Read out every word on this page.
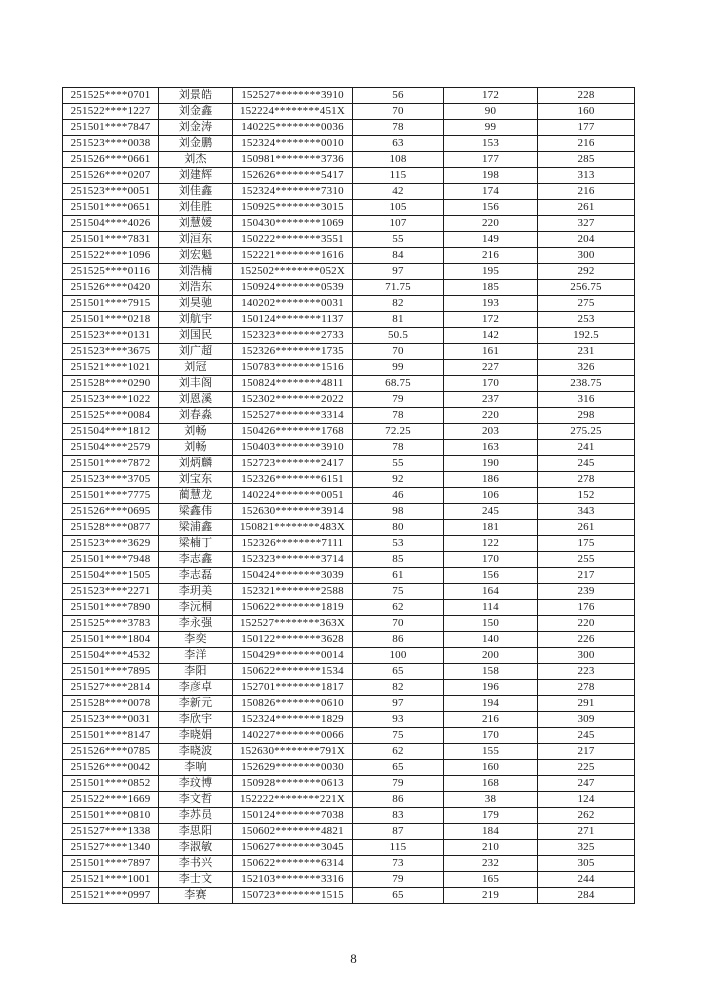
251525****0701	刘景皓	152527********3910	56	172	228
251522****1227	刘金鑫	152224********451X	70	90	160
251501****7847	刘金涛	140225********0036	78	99	177
251523****0038	刘金鹏	152324********0010	63	153	216
251526****0661	刘杰	150981********3736	108	177	285
251526****0207	刘建辉	152626********5417	115	198	313
251523****0051	刘佳鑫	152324********7310	42	174	216
251501****0651	刘佳胜	150925********3015	105	156	261
251504****4026	刘慧媛	150430********1069	107	220	327
251501****7831	刘洹东	150222********3551	55	149	204
251522****1096	刘宏魁	152221********1616	84	216	300
251525****0116	刘浩楠	152502********052X	97	195	292
251526****0420	刘浩东	150924********0539	71.75	185	256.75
251501****7915	刘昊驰	140202********0031	82	193	275
251501****0218	刘航宇	150124********1137	81	172	253
251523****0131	刘国民	152323********2733	50.5	142	192.5
251523****3675	刘广超	152326********1735	70	161	231
251521****1021	刘冠	150783********1516	99	227	326
251528****0290	刘丰阁	150824********4811	68.75	170	238.75
251523****1022	刘恩溪	152302********2022	79	237	316
251525****0084	刘春淼	152527********3314	78	220	298
251504****1812	刘畅	150426********1768	72.25	203	275.25
251504****2579	刘畅	150403********3910	78	163	241
251501****7872	刘炳麟	152723********2417	55	190	245
251523****3705	刘宝东	152326********6151	92	186	278
251501****7775	蔺慧龙	140224********0051	46	106	152
251526****0695	梁鑫伟	152630********3914	98	245	343
251528****0877	梁浦鑫	150821********483X	80	181	261
251523****3629	梁楠丁	152326********7111	53	122	175
251501****7948	李志鑫	152323********3714	85	170	255
251504****1505	李志磊	150424********3039	61	156	217
251523****2271	李玥美	152321********2588	75	164	239
251501****7890	李沅桐	150622********1819	62	114	176
251525****3783	李永强	152527********363X	70	150	220
251501****1804	李奕	150122********3628	86	140	226
251504****4532	李洋	150429********0014	100	200	300
251501****7895	李阳	150622********1534	65	158	223
251527****2814	李彦卓	152701********1817	82	196	278
251528****0078	李新元	150826********0610	97	194	291
251523****0031	李欣宇	152324********1829	93	216	309
251501****8147	李晓娟	140227********0066	75	170	245
251526****0785	李晓波	152630********791X	62	155	217
251526****0042	李响	152629********0030	65	160	225
251501****0852	李玟博	150928********0613	79	168	247
251522****1669	李文哲	152222********221X	86	38	124
251501****0810	李苏员	150124********7038	83	179	262
251527****1338	李思阳	150602********4821	87	184	271
251527****1340	李淑敏	150627********3045	115	210	325
251501****7897	李书兴	150622********6314	73	232	305
251521****1001	李士文	152103********3316	79	165	244
251521****0997	李赛	150723********1515	65	219	284
8
